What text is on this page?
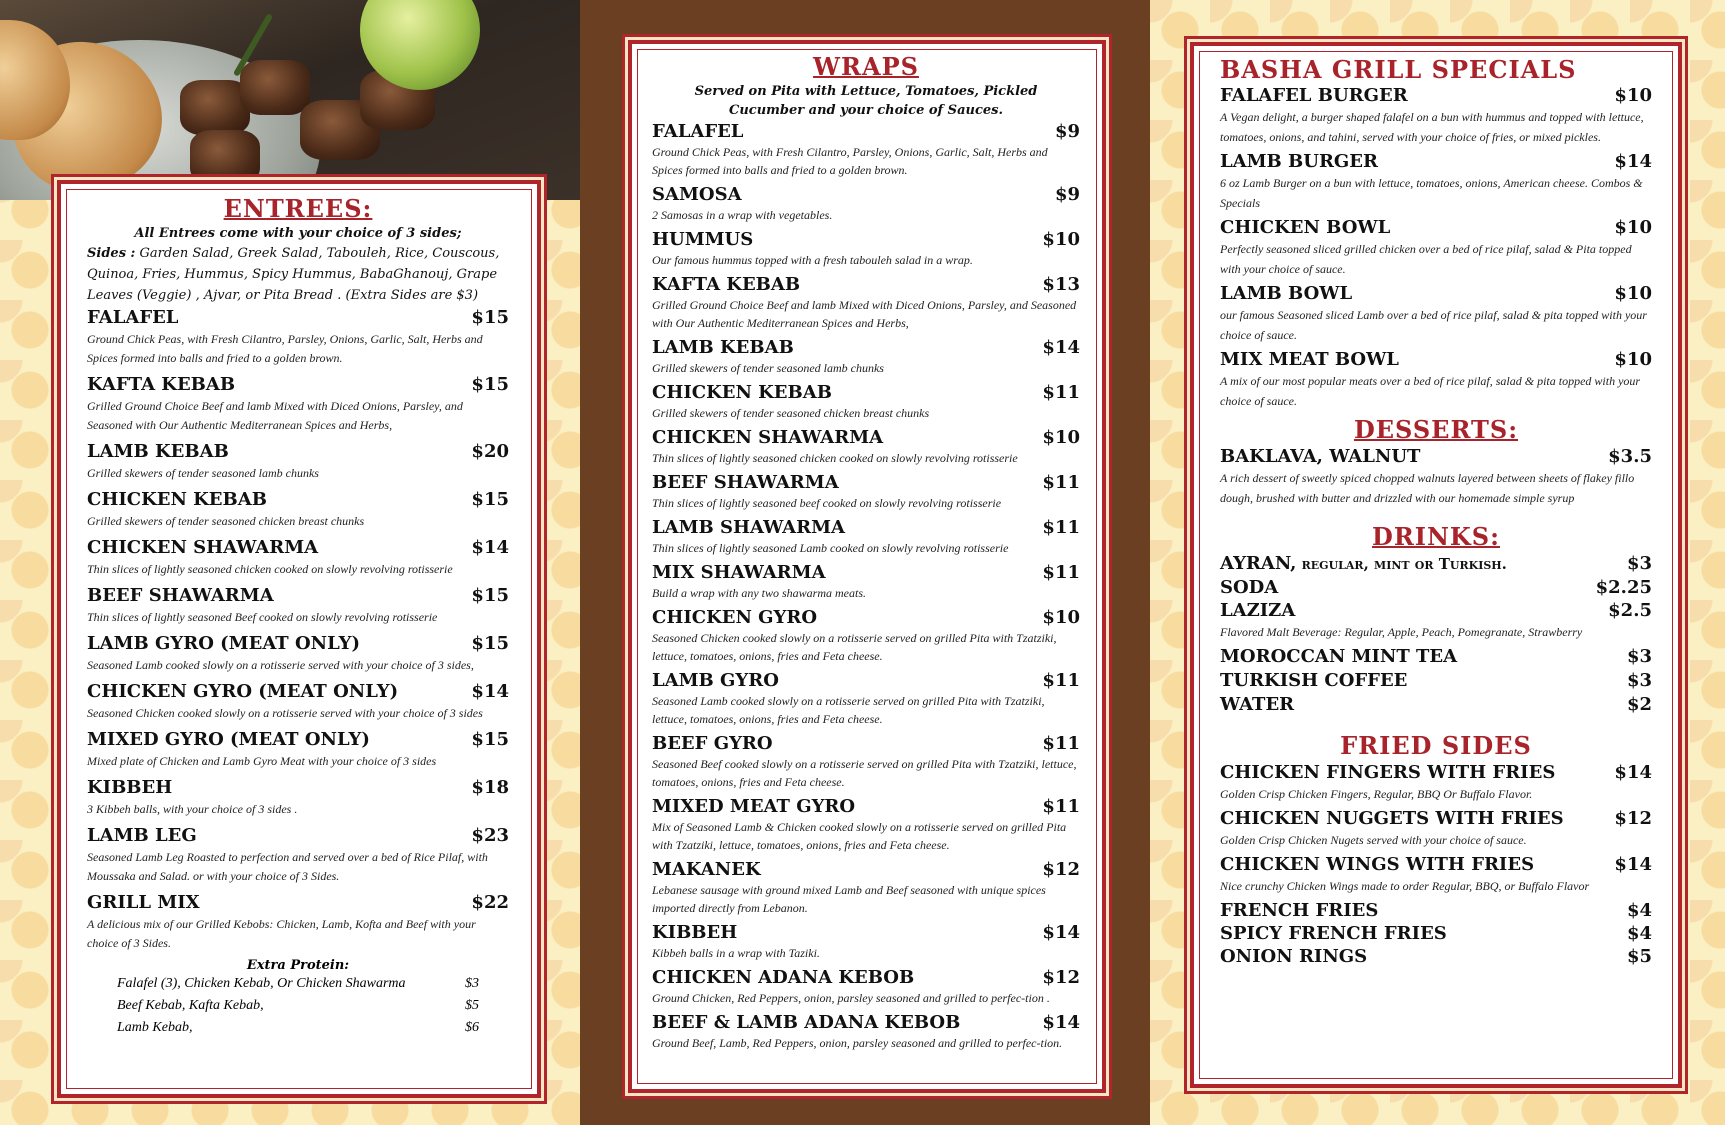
ENTREES:
All Entrees come with your choice of 3 sides;
Sides : Garden Salad, Greek Salad, Tabouleh, Rice, Couscous, Quinoa, Fries, Hummus, Spicy Hummus, BabaGhanouj, Grape Leaves (Veggie) , Ajvar, or Pita Bread . (Extra Sides are $3)
FALAFEL	$15
Ground Chick Peas, with Fresh Cilantro, Parsley, Onions, Garlic, Salt, Herbs and Spices formed into balls and fried to a golden brown.
KAFTA KEBAB	$15
Grilled Ground Choice Beef and lamb Mixed with Diced Onions, Parsley, and Seasoned with Our Authentic Mediterranean Spices and Herbs,
LAMB KEBAB	$20
Grilled skewers of tender seasoned lamb chunks
CHICKEN KEBAB	$15
Grilled skewers of tender seasoned chicken breast chunks
CHICKEN SHAWARMA	$14
Thin slices of lightly seasoned chicken cooked on slowly revolving rotisserie
BEEF SHAWARMA	$15
Thin slices of lightly seasoned Beef cooked on slowly revolving rotisserie
LAMB GYRO (MEAT ONLY)	$15
Seasoned Lamb cooked slowly on a rotisserie served with your choice of 3 sides,
CHICKEN GYRO (MEAT ONLY)	$14
Seasoned Chicken cooked slowly on a rotisserie served with your choice of 3 sides
MIXED GYRO (MEAT ONLY)	$15
Mixed plate of Chicken and Lamb Gyro Meat with your choice of 3 sides
KIBBEH	$18
3 Kibbeh balls, with your choice of 3 sides .
LAMB LEG	$23
Seasoned Lamb Leg Roasted to perfection and served over a bed of Rice Pilaf, with Moussaka and Salad. or with your choice of 3 Sides.
GRILL MIX	$22
A delicious mix of our Grilled Kebobs: Chicken, Lamb, Kofta and Beef with your choice of 3 Sides.
Extra Protein:
Falafel (3), Chicken Kebab, Or Chicken Shawarma	$3
Beef Kebab, Kafta Kebab,	$5
Lamb Kebab,	$6
WRAPS
Served on Pita with Lettuce, Tomatoes, Pickled Cucumber and your choice of Sauces.
FALAFEL	$9
Ground Chick Peas, with Fresh Cilantro, Parsley, Onions, Garlic, Salt, Herbs and Spices formed into balls and fried to a golden brown.
SAMOSA	$9
2 Samosas in a wrap with vegetables.
HUMMUS	$10
Our famous hummus topped with a fresh tabouleh salad in a wrap.
KAFTA KEBAB	$13
Grilled Ground Choice Beef and lamb Mixed with Diced Onions, Parsley, and Seasoned with Our Authentic Mediterranean Spices and Herbs,
LAMB KEBAB	$14
Grilled skewers of tender seasoned lamb chunks
CHICKEN KEBAB	$11
Grilled skewers of tender seasoned chicken breast chunks
CHICKEN SHAWARMA	$10
Thin slices of lightly seasoned chicken cooked on slowly revolving rotisserie
BEEF SHAWARMA	$11
Thin slices of lightly seasoned beef cooked on slowly revolving rotisserie
LAMB SHAWARMA	$11
Thin slices of lightly seasoned Lamb cooked on slowly revolving rotisserie
MIX SHAWARMA	$11
Build a wrap with any two shawarma meats.
CHICKEN GYRO	$10
Seasoned Chicken cooked slowly on a rotisserie served on grilled Pita with Tzatziki, lettuce, tomatoes, onions, fries and Feta cheese.
LAMB GYRO	$11
Seasoned Lamb cooked slowly on a rotisserie served on grilled Pita with Tzatziki, lettuce, tomatoes, onions, fries and Feta cheese.
BEEF GYRO	$11
Seasoned Beef cooked slowly on a rotisserie served on grilled Pita with Tzatziki, lettuce, tomatoes, onions, fries and Feta cheese.
MIXED MEAT GYRO	$11
Mix of Seasoned Lamb & Chicken cooked slowly on a rotisserie served on grilled Pita with Tzatziki, lettuce, tomatoes, onions, fries and Feta cheese.
MAKANEK	$12
Lebanese sausage with ground mixed Lamb and Beef seasoned with unique spices imported directly from Lebanon.
KIBBEH	$14
Kibbeh balls in a wrap with Taziki.
CHICKEN ADANA KEBOB	$12
Ground Chicken, Red Peppers, onion, parsley seasoned and grilled to perfec-tion .
BEEF & LAMB ADANA KEBOB	$14
Ground Beef, Lamb, Red Peppers, onion, parsley seasoned and grilled to perfec-tion.
BASHA GRILL SPECIALS
FALAFEL BURGER	$10
A Vegan delight, a burger shaped falafel on a bun with hummus and topped with lettuce, tomatoes, onions, and tahini, served with your choice of fries, or mixed pickles.
LAMB BURGER	$14
6 oz Lamb Burger on a bun with lettuce, tomatoes, onions, American cheese. Combos & Specials
CHICKEN BOWL	$10
Perfectly seasoned sliced grilled chicken over a bed of rice pilaf, salad & Pita topped with your choice of sauce.
LAMB BOWL	$10
our famous Seasoned sliced Lamb over a bed of rice pilaf, salad & pita topped with your choice of sauce.
MIX MEAT BOWL	$10
A mix of our most popular meats over a bed of rice pilaf, salad & pita topped with your choice of sauce.
DESSERTS:
BAKLAVA, WALNUT	$3.5
A rich dessert of sweetly spiced chopped walnuts layered between sheets of flakey fillo dough, brushed with butter and drizzled with our homemade simple syrup
DRINKS:
AYRAN, regular, mint or Turkish.	$3
SODA	$2.25
LAZIZA	$2.5
Flavored Malt Beverage: Regular, Apple, Peach, Pomegranate, Strawberry
MOROCCAN MINT TEA	$3
TURKISH COFFEE	$3
WATER	$2
FRIED SIDES
CHICKEN FINGERS WITH FRIES	$14
Golden Crisp Chicken Fingers, Regular, BBQ Or Buffalo Flavor.
CHICKEN NUGGETS WITH FRIES	$12
Golden Crisp Chicken Nugets served with your choice of sauce.
CHICKEN WINGS WITH FRIES	$14
Nice crunchy Chicken Wings made to order Regular, BBQ, or Buffalo Flavor
FRENCH FRIES	$4
SPICY FRENCH FRIES	$4
ONION RINGS	$5
